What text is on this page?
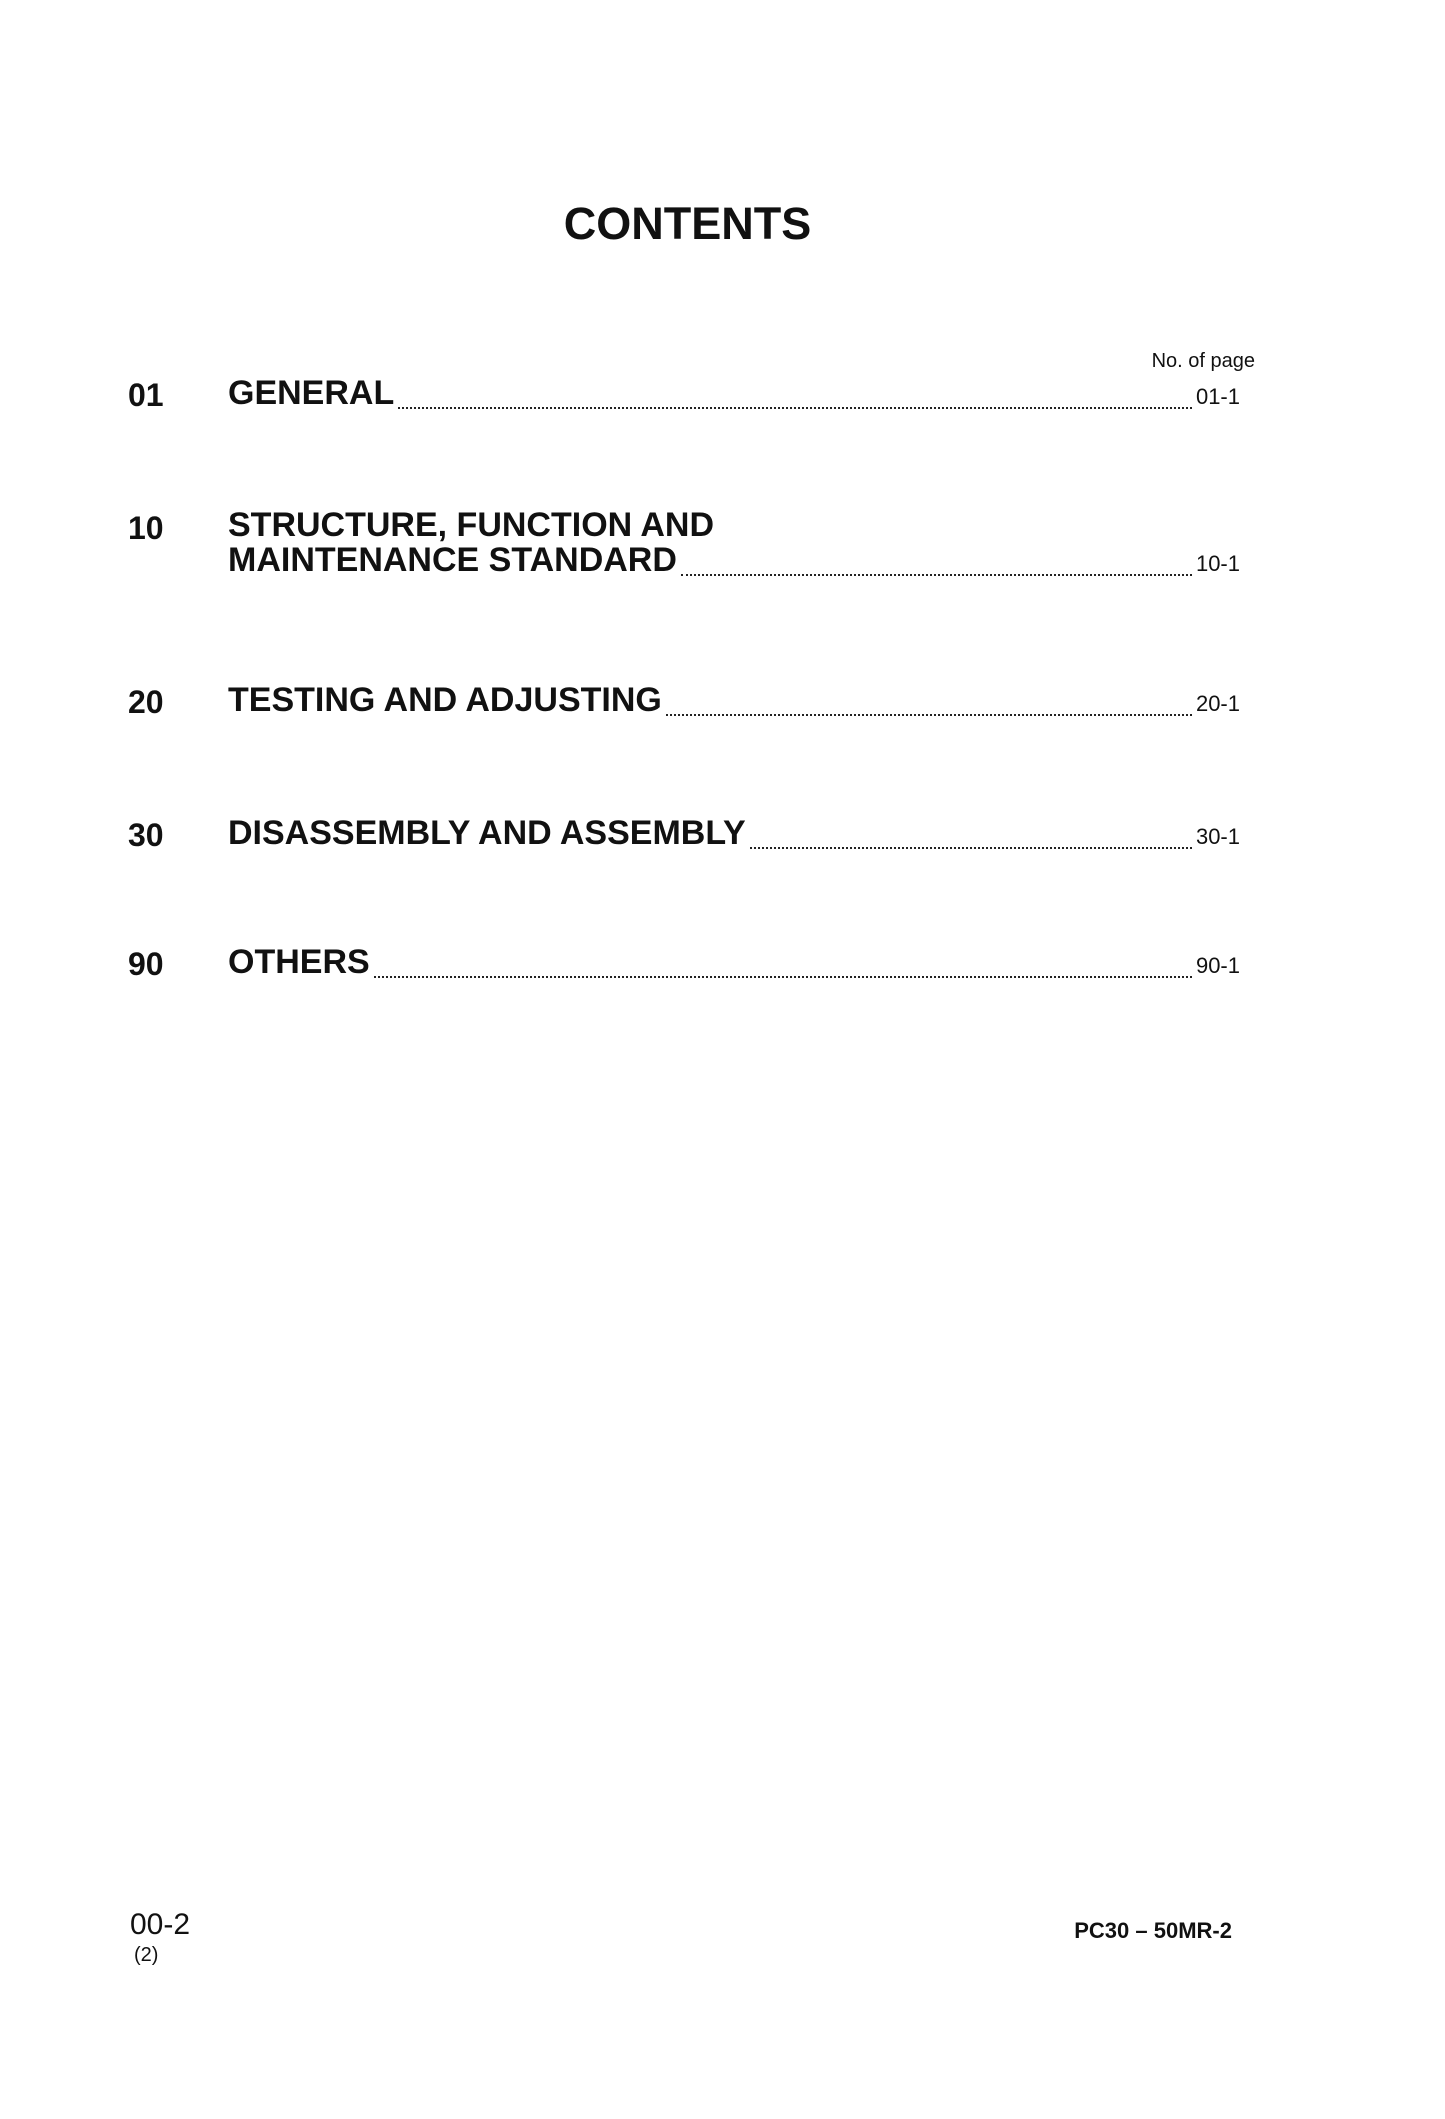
CONTENTS
No. of page
01	GENERAL	01-1
10	STRUCTURE, FUNCTION AND
MAINTENANCE STANDARD	10-1
20	TESTING AND ADJUSTING	20-1
30	DISASSEMBLY AND ASSEMBLY	30-1
90	OTHERS	90-1
00-2
(2)
PC30 – 50MR-2
